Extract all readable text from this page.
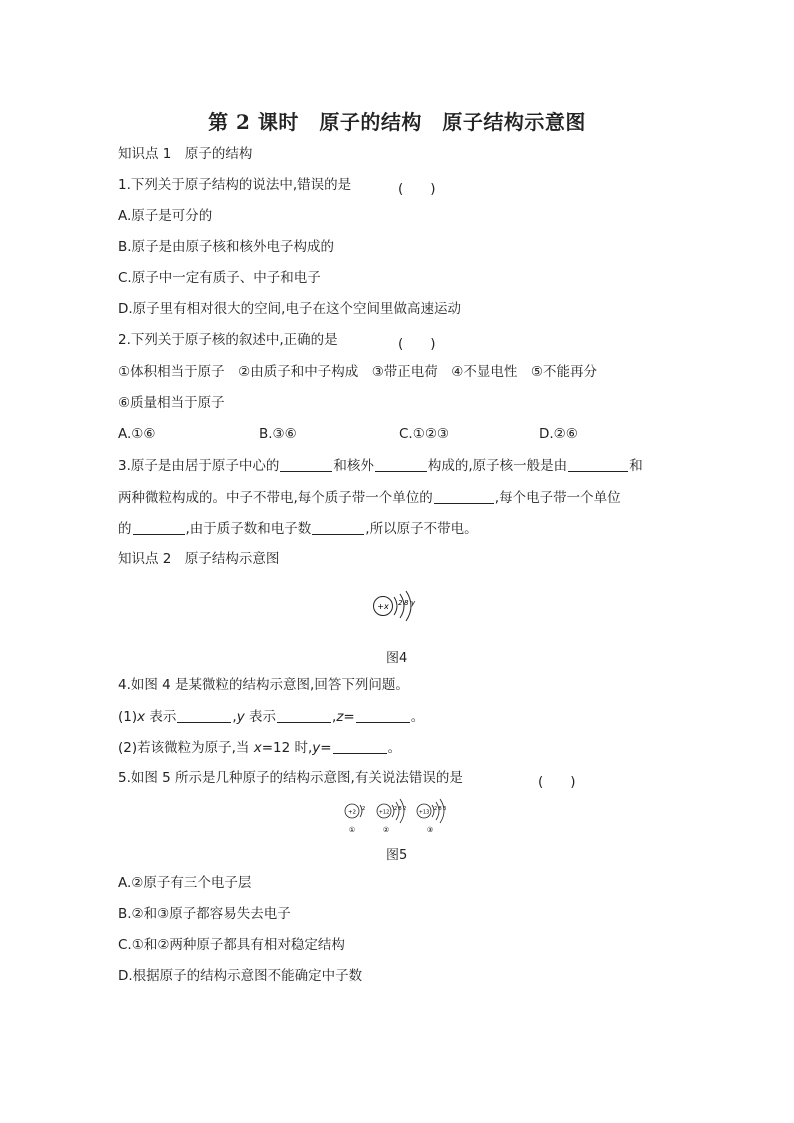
第 2 课时　原子的结构　原子结构示意图
知识点 1　原子的结构
1.下列关于原子结构的说法中,错误的是	(　　)
A.原子是可分的
B.原子是由原子核和核外电子构成的
C.原子中一定有质子、中子和电子
D.原子里有相对很大的空间,电子在这个空间里做高速运动
2.下列关于原子核的叙述中,正确的是	(　　)
①体积相当于原子　②由质子和中子构成　③带正电荷　④不显电性　⑤不能再分
⑥质量相当于原子
A.①⑥	B.③⑥	C.①②③	D.②⑥
3.原子是由居于原子中心的	和核外	构成的,原子核一般是由	和
两种微粒构成的。中子不带电,每个质子带一个单位的	,每个电子带一个单位
的	,由于质子数和电子数	,所以原子不带电。
知识点 2　原子结构示意图
+x 2 8 y
图4
4.如图 4 是某微粒的结构示意图,回答下列问题。
(1)x 表示	,y 表示	,z=	。
(2)若该微粒为原子,当 x=12 时,y=	。
5.如图 5 所示是几种原子的结构示意图,有关说法错误的是	(　　)
+2
2
①
+12
2 8 2
②
+13
2 8 3
③
图5
A.②原子有三个电子层
B.②和③原子都容易失去电子
C.①和②两种原子都具有相对稳定结构
D.根据原子的结构示意图不能确定中子数
